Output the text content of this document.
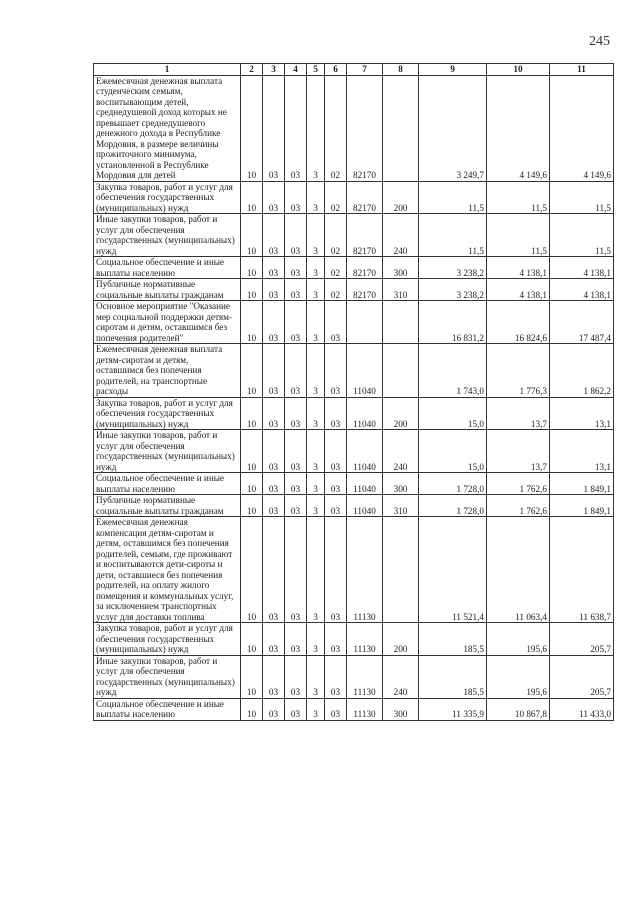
245
1	2	3	4	5	6	7	8	9	10	11
Ежемесячная денежная выплата студенческим семьям, воспитывающим детей, среднедушевой доход которых не превышает среднедушевого денежного дохода в Республике Мордовия, в размере величины прожиточного минимума, установленной в Республике Мордовия для детей	10	03	03	3	02	82170		3 249,7	4 149,6	4 149,6
Закупка товаров, работ и услуг для обеспечения государственных (муниципальных) нужд	10	03	03	3	02	82170	200	11,5	11,5	11,5
Иные закупки товаров, работ и услуг для обеспечения государственных (муниципальных) нужд	10	03	03	3	02	82170	240	11,5	11,5	11,5
Социальное обеспечение и иные выплаты населению	10	03	03	3	02	82170	300	3 238,2	4 138,1	4 138,1
Публичные нормативные социальные выплаты гражданам	10	03	03	3	02	82170	310	3 238,2	4 138,1	4 138,1
Основное мероприятие "Оказание мер социальной поддержки детям-сиротам и детям, оставшимся без попечения родителей"	10	03	03	3	03			16 831,2	16 824,6	17 487,4
Ежемесячная денежная выплата детям-сиротам и детям, оставшимся без попечения родителей, на транспортные расходы	10	03	03	3	03	11040		1 743,0	1 776,3	1 862,2
Закупка товаров, работ и услуг для обеспечения государственных (муниципальных) нужд	10	03	03	3	03	11040	200	15,0	13,7	13,1
Иные закупки товаров, работ и услуг для обеспечения государственных (муниципальных) нужд	10	03	03	3	03	11040	240	15,0	13,7	13,1
Социальное обеспечение и иные выплаты населению	10	03	03	3	03	11040	300	1 728,0	1 762,6	1 849,1
Публичные нормативные социальные выплаты гражданам	10	03	03	3	03	11040	310	1 728,0	1 762,6	1 849,1
Ежемесячная денежная компенсация детям-сиротам и детям, оставшимся без попечения родителей, семьям, где проживают и воспитываются дети-сироты и дети, оставшиеся без попечения родителей, на оплату жилого помещения и коммунальных услуг, за исключением транспортных услуг для доставки топлива	10	03	03	3	03	11130		11 521,4	11 063,4	11 638,7
Закупка товаров, работ и услуг для обеспечения государственных (муниципальных) нужд	10	03	03	3	03	11130	200	185,5	195,6	205,7
Иные закупки товаров, работ и услуг для обеспечения государственных (муниципальных) нужд	10	03	03	3	03	11130	240	185,5	195,6	205,7
Социальное обеспечение и иные выплаты населению	10	03	03	3	03	11130	300	11 335,9	10 867,8	11 433,0
